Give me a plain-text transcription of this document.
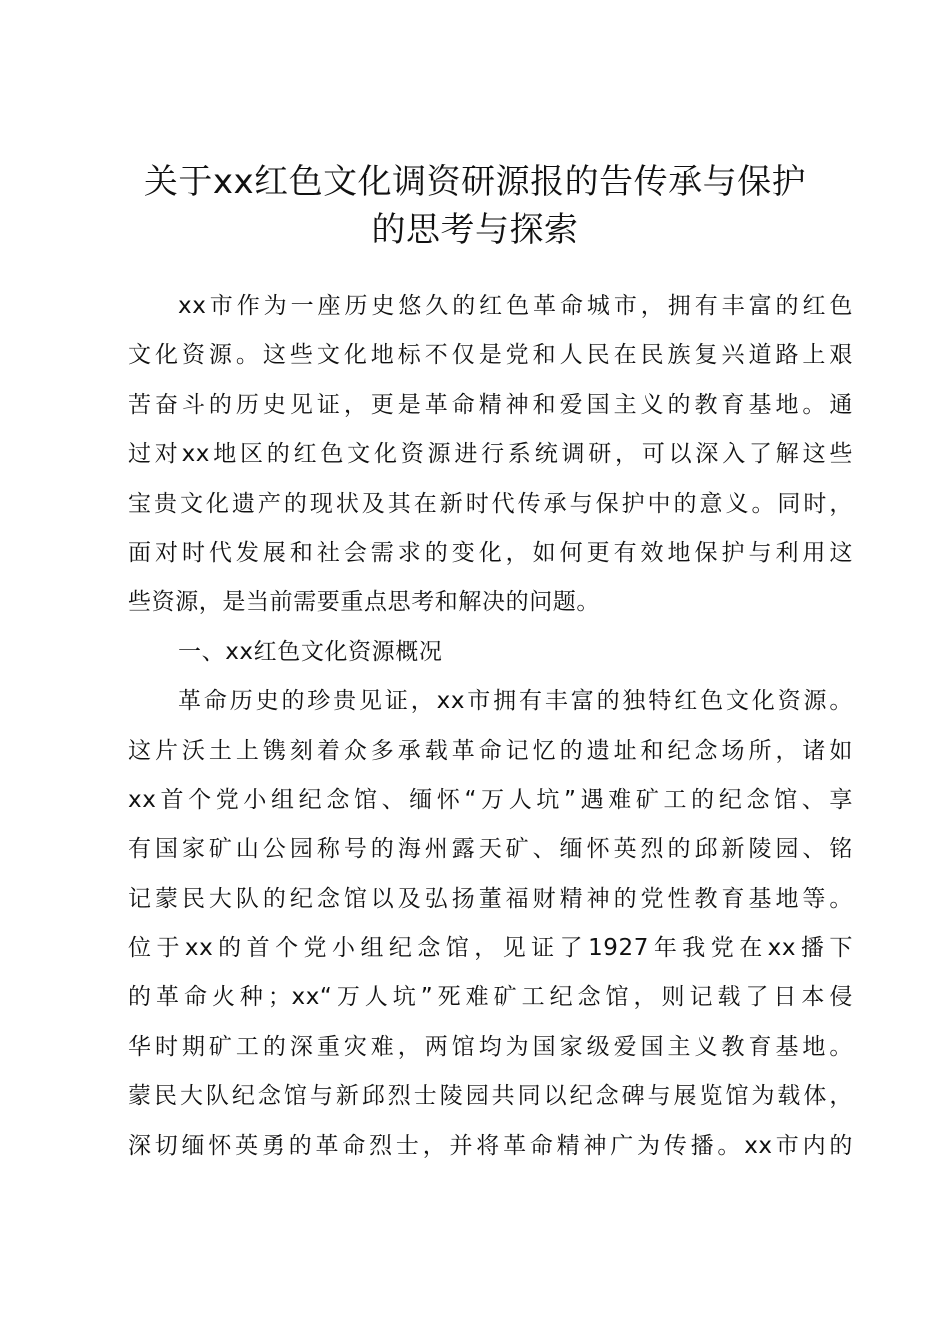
关于xx红色文化调资研源报的告传承与保护
的思考与探索
xx市作为一座历史悠久的红色革命城市，拥有丰富的红色
文化资源。这些文化地标不仅是党和人民在民族复兴道路上艰
苦奋斗的历史见证，更是革命精神和爱国主义的教育基地。通
过对xx地区的红色文化资源进行系统调研，可以深入了解这些
宝贵文化遗产的现状及其在新时代传承与保护中的意义。同时，
面对时代发展和社会需求的变化，如何更有效地保护与利用这
些资源，是当前需要重点思考和解决的问题。
一、xx红色文化资源概况
革命历史的珍贵见证，xx市拥有丰富的独特红色文化资源。
这片沃土上镌刻着众多承载革命记忆的遗址和纪念场所，诸如
xx首个党小组纪念馆、缅怀“万人坑”遇难矿工的纪念馆、享
有国家矿山公园称号的海州露天矿、缅怀英烈的邱新陵园、铭
记蒙民大队的纪念馆以及弘扬董福财精神的党性教育基地等。
位于xx的首个党小组纪念馆，见证了1927年我党在xx播下
的革命火种；xx“万人坑”死难矿工纪念馆，则记载了日本侵
华时期矿工的深重灾难，两馆均为国家级爱国主义教育基地。
蒙民大队纪念馆与新邱烈士陵园共同以纪念碑与展览馆为载体，
深切缅怀英勇的革命烈士，并将革命精神广为传播。xx市内的
